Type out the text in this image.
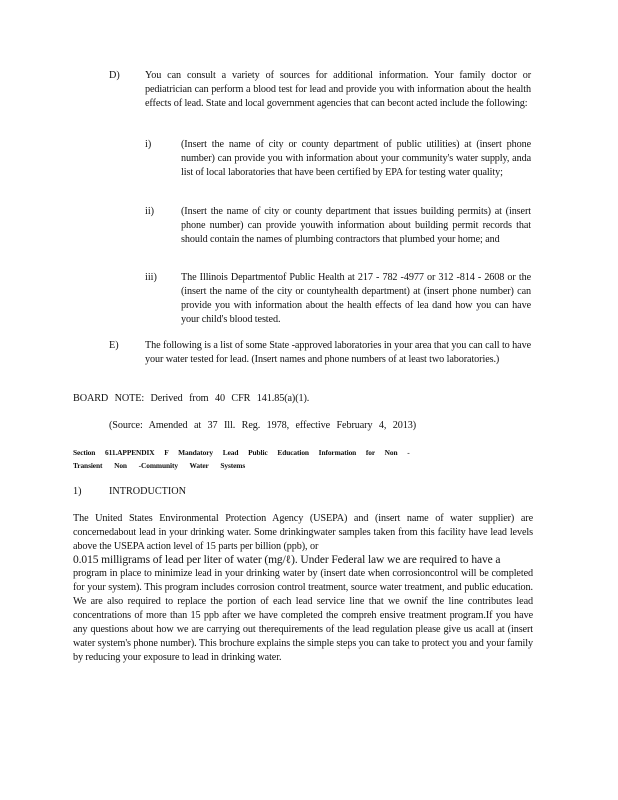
D) You can consult a variety of sources for additional information. Your family doctor or pediatrician can perform a blood test for lead and provide you with information about the health effects of lead. State and local government agencies that can becont acted include the following:
i)	(Insert the name of city or county department of public utilities) at (insert phone number) can provide you with information about your community's water supply, anda list of local laboratories that have been certified by EPA for testing water quality;
ii)	(Insert the name of city or county department that issues building permits) at (insert phone number) can provide youwith information about building permit records that should contain the names of plumbing contractors that plumbed your home; and
iii) The Illinois Departmentof Public Health at 217 - 782 -4977 or 312 -814 - 2608 or the (insert the name of the city or countyhealth department) at (insert phone number) can provide you with information about the health effects of lea dand how you can have your child's blood tested.
E)	The following is a list of some State -approved laboratories in your area that you can call to have your water tested for lead. (Insert names and phone numbers of at least two laboratories.)
BOARD NOTE: Derived from 40 CFR 141.85(a)(1).
(Source: Amended at 37 Ill. Reg. 1978, effective February 4, 2013)
Section 611.APPENDIX F Mandatory Lead Public Education Information for Non -
Transient Non -Community Water Systems
1)	INTRODUCTION
The United States Environmental Protection Agency (USEPA) and (insert name of water supplier) are concernedabout lead in your drinking water. Some drinkingwater samples taken from this facility have lead levels above the USEPA action level of 15 parts per billion (ppb), or
0.015 milligrams of lead per liter of water (mg/ℓ). Under Federal law we are required to have a
program in place to minimize lead in your drinking water by (insert date when corrosioncontrol will be completed for your system). This program includes corrosion control treatment, source water treatment, and public education. We are also required to replace the portion of each lead service line that we ownif the line contributes lead concentrations of more than 15 ppb after we have completed the compreh ensive treatment program.If you have any questions about how we are carrying out therequirements of the lead regulation please give us acall at (insert water system's phone number). This brochure explains the simple steps you can take to protect you and your family by reducing your exposure to lead in drinking water.
